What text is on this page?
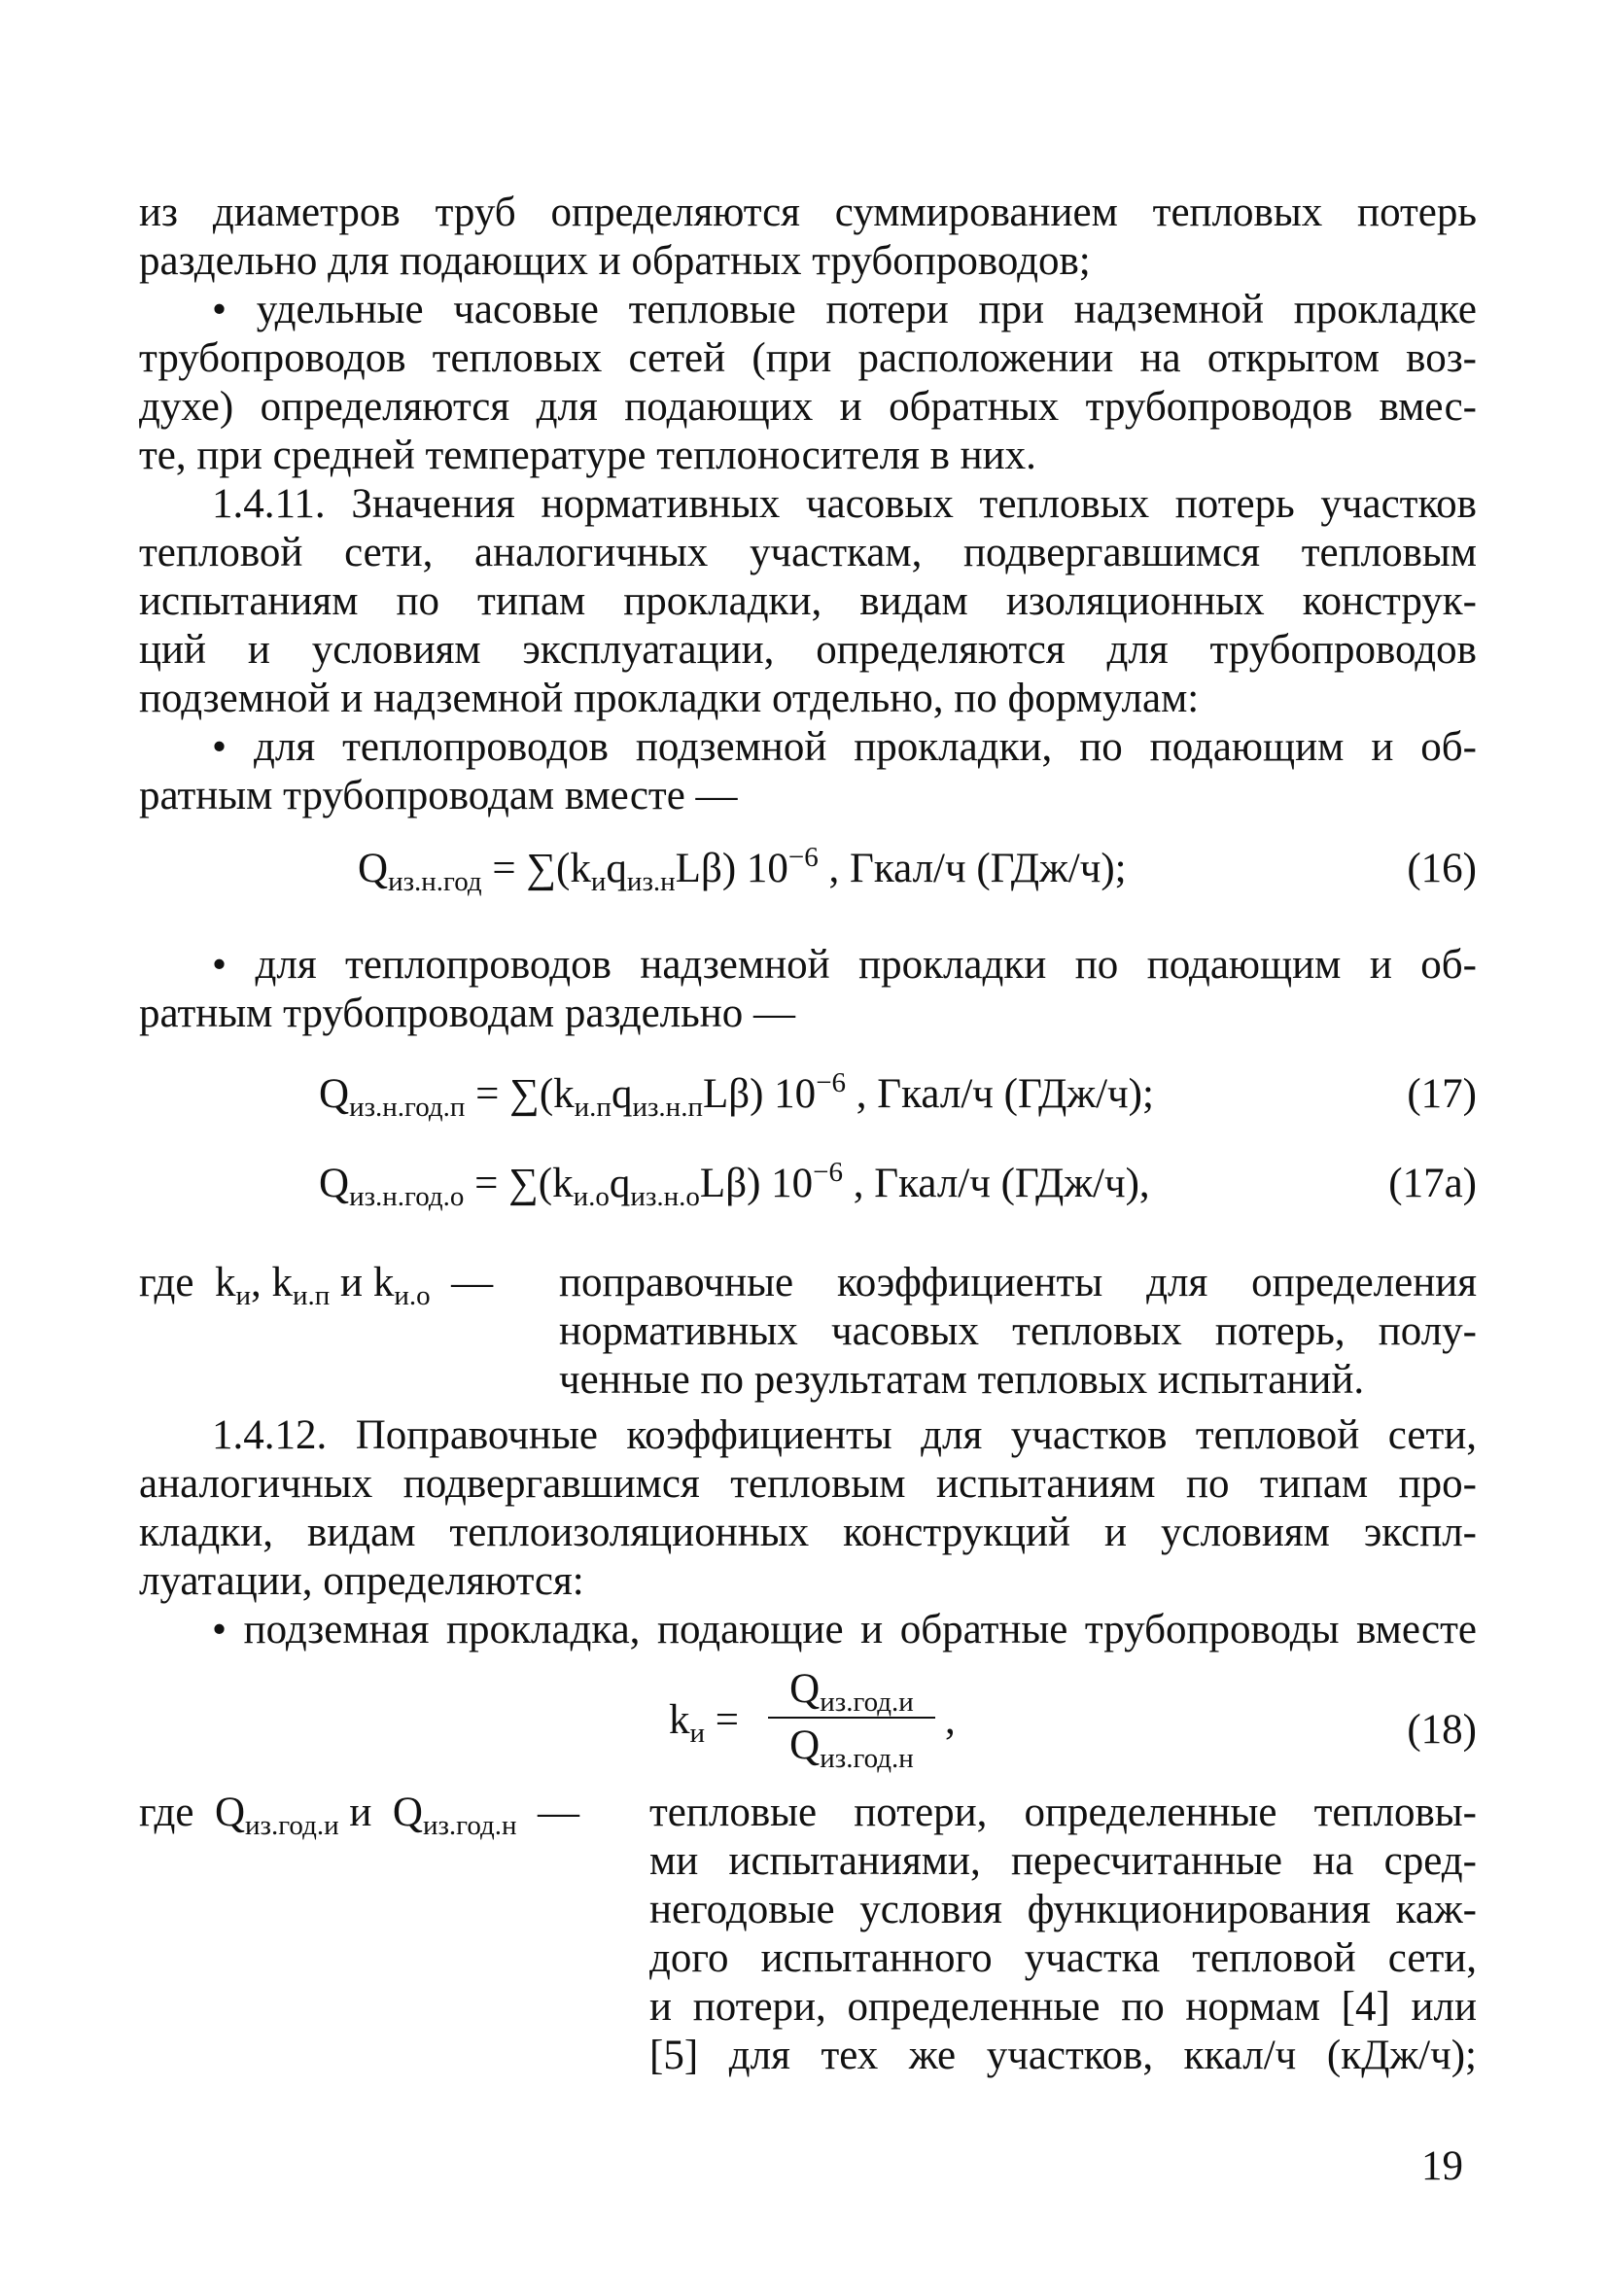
из диаметров труб определяются суммированием тепловых потерь
раздельно для подающих и обратных трубопроводов;
• удельные часовые тепловые потери при надземной прокладке
трубопроводов тепловых сетей (при расположении на открытом воз-
духе) определяются для подающих и обратных трубопроводов вмес-
те, при средней температуре теплоносителя в них.
1.4.11. Значения нормативных часовых тепловых потерь участков
тепловой сети, аналогичных участкам, подвергавшимся тепловым
испытаниям по типам прокладки, видам изоляционных конструк-
ций и условиям эксплуатации, определяются для трубопроводов
подземной и надземной прокладки отдельно, по формулам:
• для теплопроводов подземной прокладки, по подающим и об-
ратным трубопроводам вместе —
$Q_{из.н.год} = \sum(k_иq_{из.н}L\beta)$ $10^{-6}$ , Гкал/ч (ГДж/ч);	(16)
• для теплопроводов надземной прокладки по подающим и об-
ратным трубопроводам раздельно —
$Q_{из.н.год.п} = \sum(k_{и.п}q_{из.н.п}L\beta)$ $10^{-6}$ , Гкал/ч (ГДж/ч);	(17)
$Q_{из.н.год.о} = \sum(k_{и.о}q_{из.н.о}L\beta)$ $10^{-6}$ , Гкал/ч (ГДж/ч),	(17а)
где $k_и$, $k_{и.п}$ и $k_{и.о}$ — поправочные коэффициенты для определения
нормативных часовых тепловых потерь, полу-
ченные по результатам тепловых испытаний.
1.4.12. Поправочные коэффициенты для участков тепловой сети,
аналогичных подвергавшимся тепловым испытаниям по типам про-
кладки, видам теплоизоляционных конструкций и условиям экспл-
луатации, определяются:
• подземная прокладка, подающие и обратные трубопроводы вместе
$k_и$ =
$Q_{из.год.и}$
$Q_{из.год.н}$
,	(18)
где $Q_{из.год.и}$ и $Q_{из.год.н}$ — тепловые потери, определенные тепловы-
ми испытаниями, пересчитанные на сред-
негодовые условия функционирования каж-
дого испытанного участка тепловой сети,
и потери, определенные по нормам [4] или
[5] для тех же участков, ккал/ч (кДж/ч);
19
